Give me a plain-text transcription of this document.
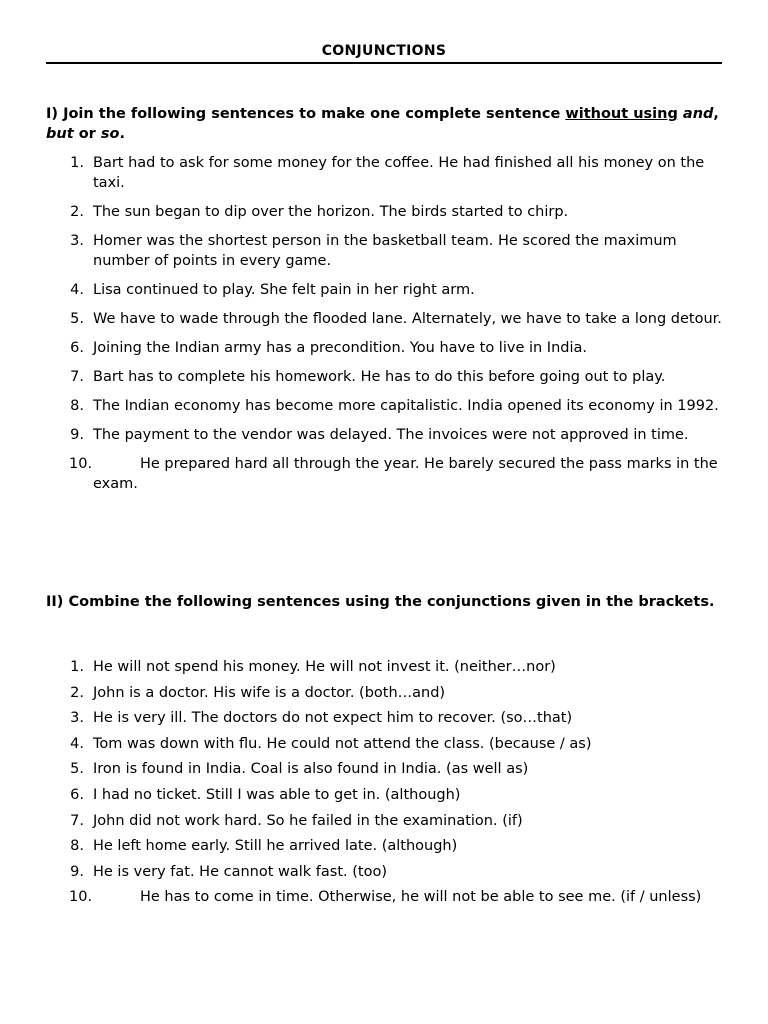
CONJUNCTIONS
I) Join the following sentences to make one complete sentence without using and, but or so.
1. Bart had to ask for some money for the coffee. He had finished all his money on the taxi.
2. The sun began to dip over the horizon. The birds started to chirp.
3. Homer was the shortest person in the basketball team. He scored the maximum number of points in every game.
4. Lisa continued to play. She felt pain in her right arm.
5. We have to wade through the flooded lane. Alternately, we have to take a long detour.
6. Joining the Indian army has a precondition. You have to live in India.
7. Bart has to complete his homework. He has to do this before going out to play.
8. The Indian economy has become more capitalistic. India opened its economy in 1992.
9. The payment to the vendor was delayed. The invoices were not approved in time.
10.	He prepared hard all through the year. He barely secured the pass marks in the exam.
II) Combine the following sentences using the conjunctions given in the brackets.
1. He will not spend his money. He will not invest it. (neither…nor)
2. John is a doctor. His wife is a doctor. (both…and)
3. He is very ill. The doctors do not expect him to recover. (so…that)
4. Tom was down with flu. He could not attend the class. (because / as)
5. Iron is found in India. Coal is also found in India. (as well as)
6. I had no ticket. Still I was able to get in. (although)
7. John did not work hard. So he failed in the examination. (if)
8. He left home early. Still he arrived late. (although)
9. He is very fat. He cannot walk fast. (too)
10.	He has to come in time. Otherwise, he will not be able to see me. (if / unless)
